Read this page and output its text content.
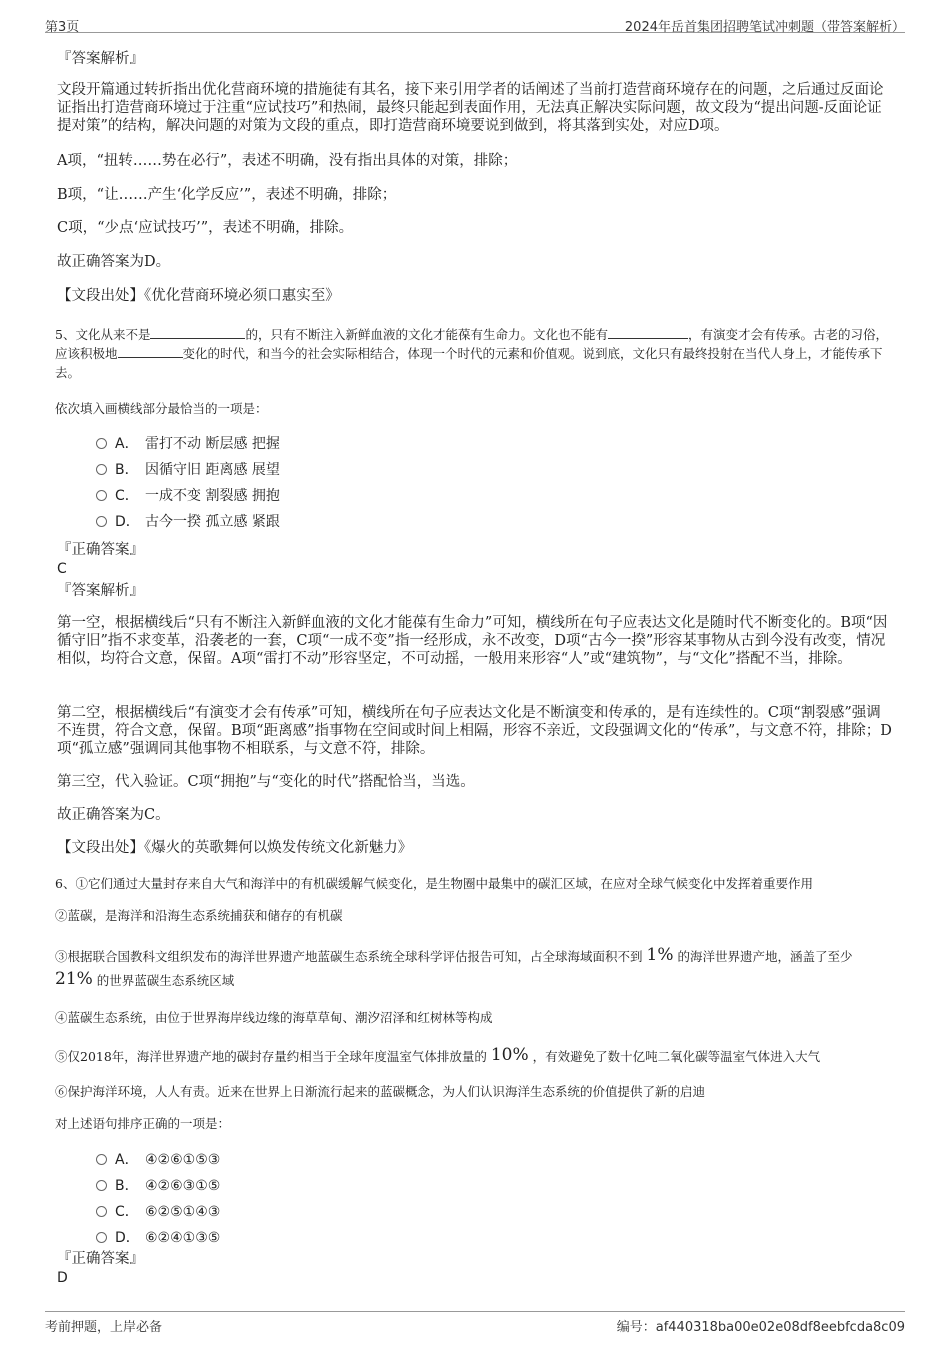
第3页	2024年岳首集团招聘笔试冲刺题（带答案解析）
『答案解析』
文段开篇通过转折指出优化营商环境的措施徒有其名，接下来引用学者的话阐述了当前打造营商环境存在的问题，之后通过反面论证指出打造营商环境过于注重“应试技巧”和热闹，最终只能起到表面作用，无法真正解决实际问题，故文段为“提出问题-反面论证提对策”的结构，解决问题的对策为文段的重点，即打造营商环境要说到做到，将其落到实处，对应D项。
A项，“扭转……势在必行”，表述不明确，没有指出具体的对策，排除；
B项，“让……产生‘化学反应’”，表述不明确，排除；
C项，“少点‘应试技巧’”，表述不明确，排除。
故正确答案为D。
【文段出处】《优化营商环境必须口惠实至》
5、文化从来不是	的，只有不断注入新鲜血液的文化才能葆有生命力。文化也不能有	，有演变才会有传承。古老的习俗，应该积极地	变化的时代，和当今的社会实际相结合，体现一个时代的元素和价值观。说到底，文化只有最终投射在当代人身上，才能传承下去。
依次填入画横线部分最恰当的一项是：
A． 雷打不动 断层感 把握
B． 因循守旧 距离感 展望
C． 一成不变 割裂感 拥抱
D． 古今一揆 孤立感 紧跟
『正确答案』
C
『答案解析』
第一空，根据横线后“只有不断注入新鲜血液的文化才能葆有生命力”可知，横线所在句子应表达文化是随时代不断变化的。B项“因循守旧”指不求变革，沿袭老的一套，C项“一成不变”指一经形成，永不改变，D项“古今一揆”形容某事物从古到今没有改变，情况相似，均符合文意，保留。A项“雷打不动”形容坚定，不可动摇，一般用来形容“人”或“建筑物”，与“文化”搭配不当，排除。
第二空，根据横线后“有演变才会有传承”可知，横线所在句子应表达文化是不断演变和传承的，是有连续性的。C项“割裂感”强调不连贯，符合文意，保留。B项“距离感”指事物在空间或时间上相隔，形容不亲近，文段强调文化的“传承”，与文意不符，排除；D项“孤立感”强调同其他事物不相联系，与文意不符，排除。
第三空，代入验证。C项“拥抱”与“变化的时代”搭配恰当，当选。
故正确答案为C。
【文段出处】《爆火的英歌舞何以焕发传统文化新魅力》
6、①它们通过大量封存来自大气和海洋中的有机碳缓解气候变化，是生物圈中最集中的碳汇区域，在应对全球气候变化中发挥着重要作用
②蓝碳，是海洋和沿海生态系统捕获和储存的有机碳
③根据联合国教科文组织发布的海洋世界遗产地蓝碳生态系统全球科学评估报告可知，占全球海域面积不到 1% 的海洋世界遗产地，涵盖了至少 21% 的世界蓝碳生态系统区域
④蓝碳生态系统，由位于世界海岸线边缘的海草草甸、潮汐沼泽和红树林等构成
⑤仅2018年，海洋世界遗产地的碳封存量约相当于全球年度温室气体排放量的 10% ，有效避免了数十亿吨二氧化碳等温室气体进入大气
⑥保护海洋环境，人人有责。近来在世界上日渐流行起来的蓝碳概念，为人们认识海洋生态系统的价值提供了新的启迪
对上述语句排序正确的一项是：
A． ④②⑥①⑤③
B． ④②⑥③①⑤
C． ⑥②⑤①④③
D． ⑥②④①③⑤
『正确答案』
D
考前押题，上岸必备	编号：af440318ba00e02e08df8eebfcda8c09
